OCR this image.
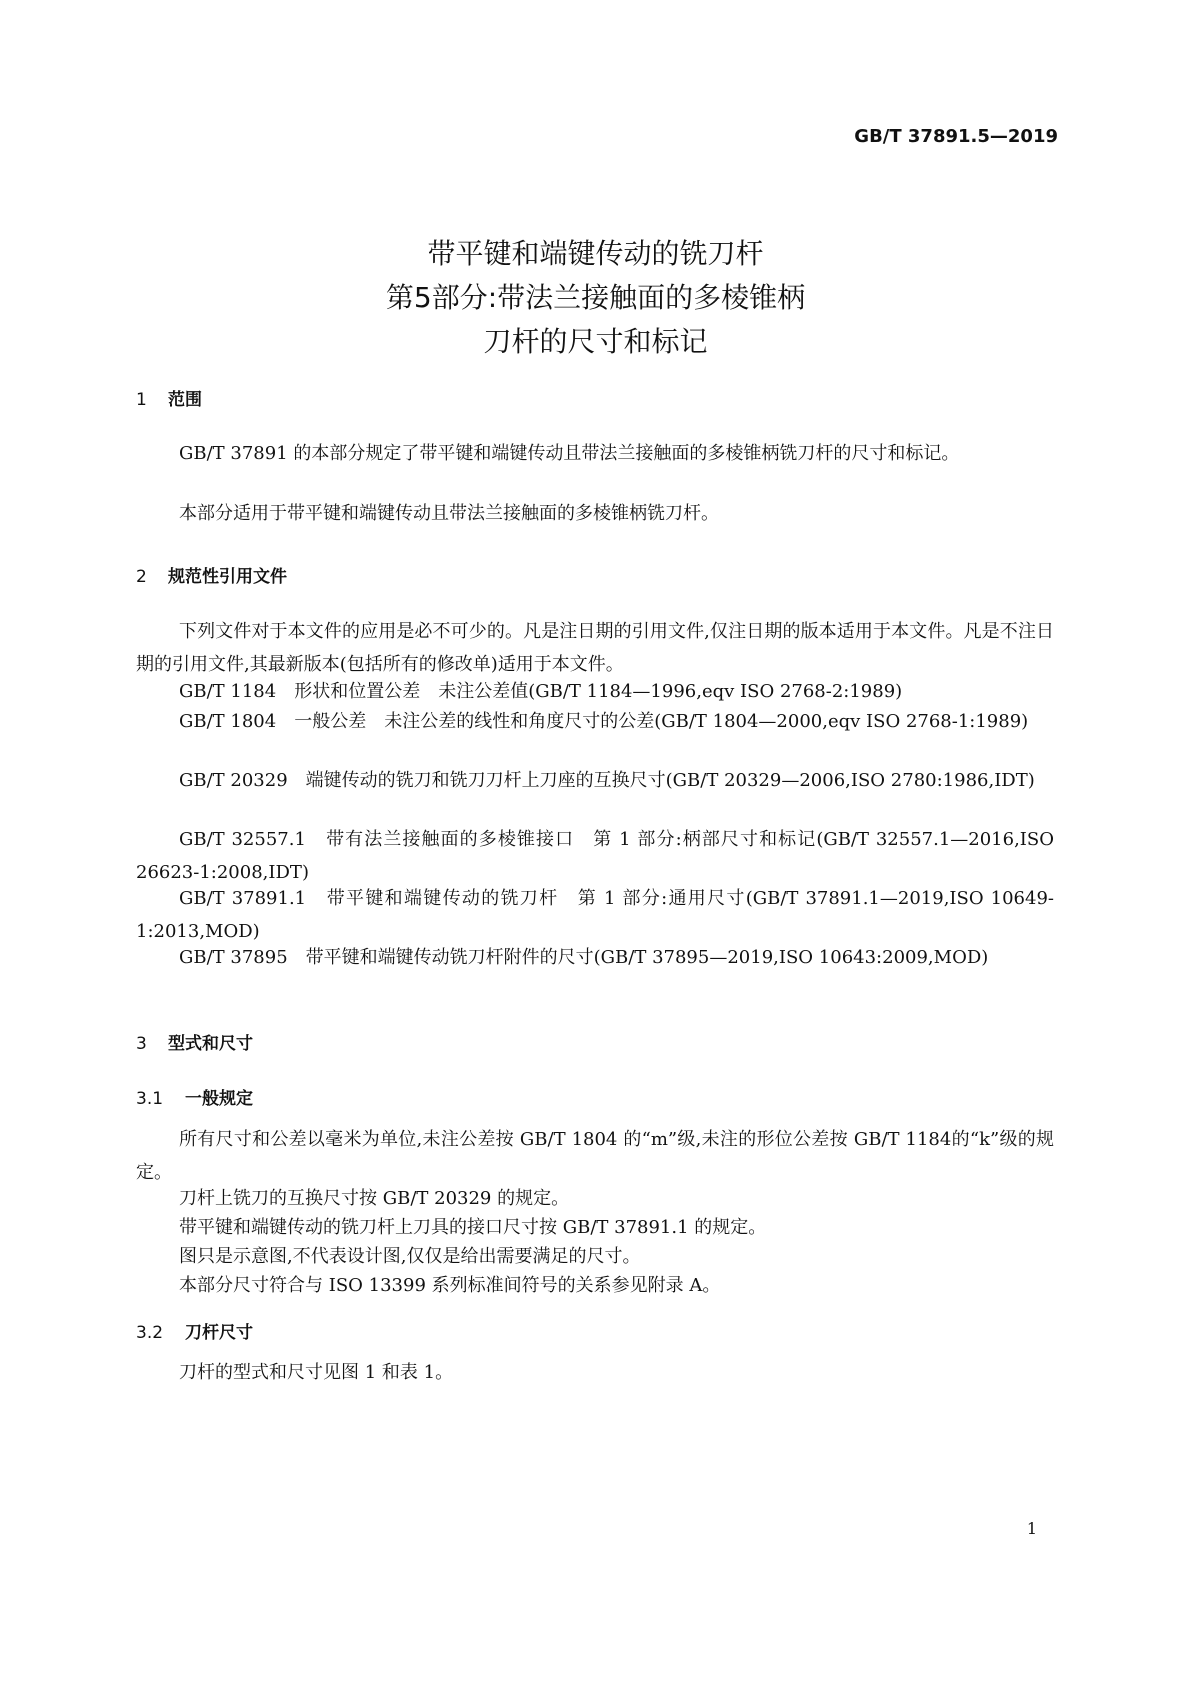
GB/T 37891.5—2019
带平键和端键传动的铣刀杆
第5部分:带法兰接触面的多棱锥柄
刀杆的尺寸和标记
1 范围
GB/T 37891 的本部分规定了带平键和端键传动且带法兰接触面的多棱锥柄铣刀杆的尺寸和标记。
本部分适用于带平键和端键传动且带法兰接触面的多棱锥柄铣刀杆。
2 规范性引用文件
下列文件对于本文件的应用是必不可少的。凡是注日期的引用文件,仅注日期的版本适用于本文件。凡是不注日期的引用文件,其最新版本(包括所有的修改单)适用于本文件。
GB/T 1184　形状和位置公差　未注公差值(GB/T 1184—1996,eqv ISO 2768-2:1989)
GB/T 1804　一般公差　未注公差的线性和角度尺寸的公差(GB/T 1804—2000,eqv ISO 2768-1:1989)
GB/T 20329　端键传动的铣刀和铣刀刀杆上刀座的互换尺寸(GB/T 20329—2006,ISO 2780:1986,IDT)
GB/T 32557.1　带有法兰接触面的多棱锥接口　第 1 部分:柄部尺寸和标记(GB/T 32557.1—2016,ISO 26623-1:2008,IDT)
GB/T 37891.1　带平键和端键传动的铣刀杆　第 1 部分:通用尺寸(GB/T 37891.1—2019,ISO 10649-1:2013,MOD)
GB/T 37895　带平键和端键传动铣刀杆附件的尺寸(GB/T 37895—2019,ISO 10643:2009,MOD)
3 型式和尺寸
3.1 一般规定
所有尺寸和公差以毫米为单位,未注公差按 GB/T 1804 的“m”级,未注的形位公差按 GB/T 1184的“k”级的规定。
刀杆上铣刀的互换尺寸按 GB/T 20329 的规定。
带平键和端键传动的铣刀杆上刀具的接口尺寸按 GB/T 37891.1 的规定。
图只是示意图,不代表设计图,仅仅是给出需要满足的尺寸。
本部分尺寸符合与 ISO 13399 系列标准间符号的关系参见附录 A。
3.2 刀杆尺寸
刀杆的型式和尺寸见图 1 和表 1。
1
